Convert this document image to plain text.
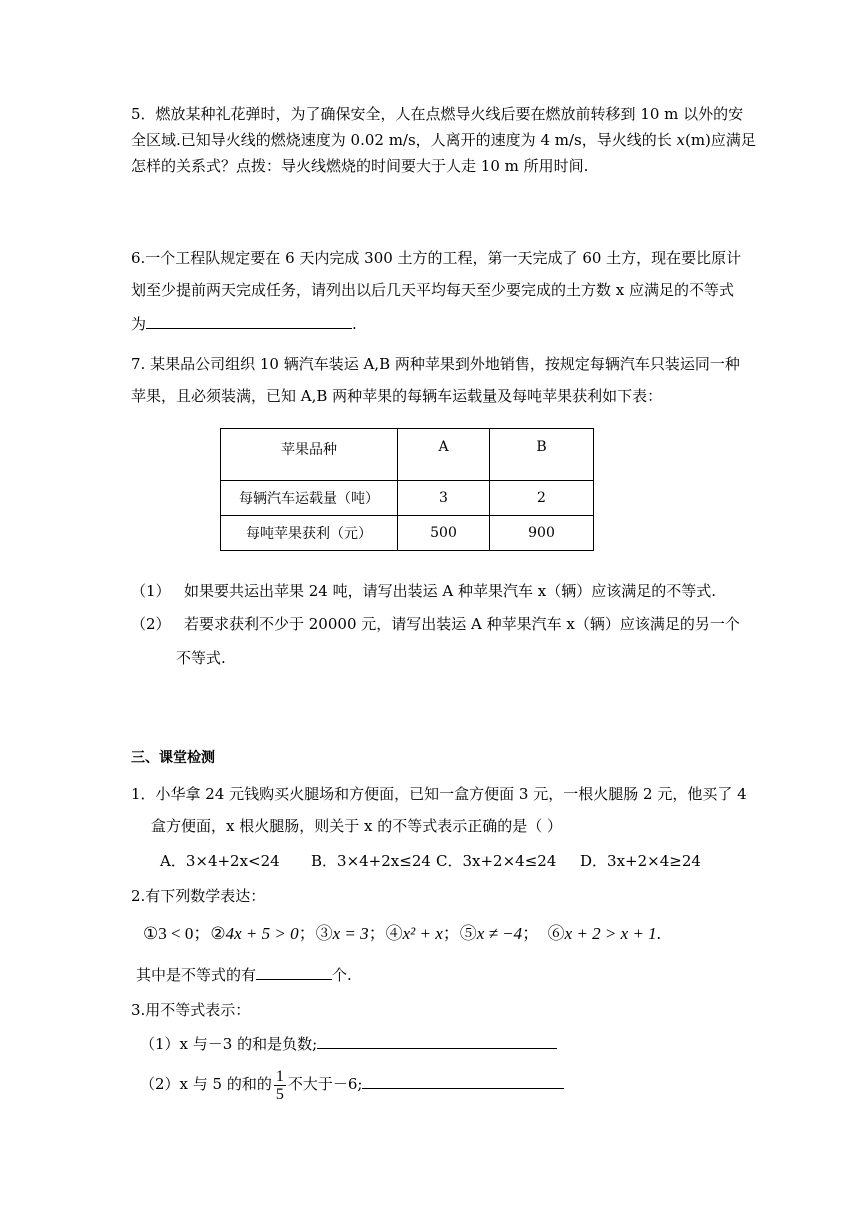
5．燃放某种礼花弹时，为了确保安全，人在点燃导火线后要在燃放前转移到 10 m 以外的安
全区域.已知导火线的燃烧速度为 0.02 m/s，人离开的速度为 4 m/s，导火线的长 x(m)应满足
怎样的关系式？点拨：导火线燃烧的时间要大于人走 10 m 所用时间.
6.一个工程队规定要在 6 天内完成 300 土方的工程，第一天完成了 60 土方，现在要比原计
划至少提前两天完成任务，请列出以后几天平均每天至少要完成的土方数 x 应满足的不等式
为	.
7. 某果品公司组织 10 辆汽车装运 A,B 两种苹果到外地销售，按规定每辆汽车只装运同一种
苹果，且必须装满，已知 A,B 两种苹果的每辆车运载量及每吨苹果获利如下表：
苹果品种	A	B
每辆汽车运载量（吨）	3	2
每吨苹果获利（元）	500	900
（1） 如果要共运出苹果 24 吨，请写出装运 A 种苹果汽车 x（辆）应该满足的不等式.
（2） 若要求获利不少于 20000 元，请写出装运 A 种苹果汽车 x（辆）应该满足的另一个
不等式.
三、课堂检测
1．小华拿 24 元钱购买火腿场和方便面，已知一盒方便面 3 元，一根火腿肠 2 元，他买了 4
盒方便面，x 根火腿肠，则关于 x 的不等式表示正确的是（ ）
A．3×4+2x<24 B．3×4+2x≤24 C．3x+2×4≤24 D．3x+2×4≥24
2.有下列数学表达：
①3 < 0；②4x + 5 > 0；③x = 3；④x² + x；⑤x ≠ −4； ⑥x + 2 > x + 1.
其中是不等式的有	个.
3.用不等式表示：
（1）x 与－3 的和是负数;
（2）x 与 5 的和的 $\frac{1}{5}$ 不大于－6;
